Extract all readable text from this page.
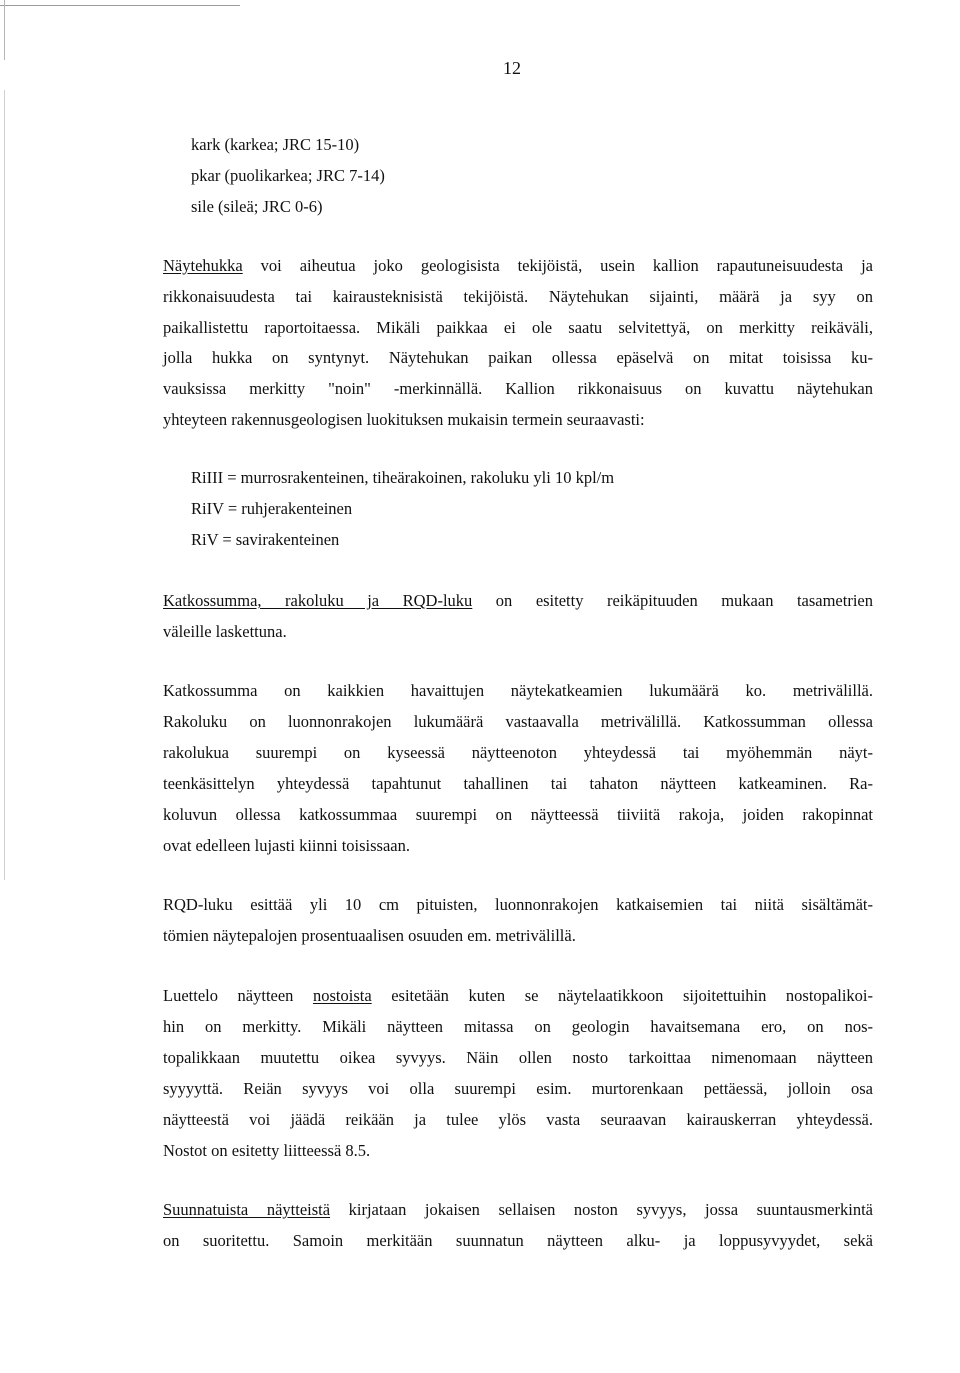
12

kark (karkea; JRC 15-10)

pkar (puolikarkea; JRC 7-14)

sile (sileä; JRC 0-6)

Näytehukka voi aiheutua joko geologisista tekijöistä, usein kallion rapautuneisuudesta ja

rikkonaisuudesta tai kairausteknisistä tekijöistä. Näytehukan sijainti, määrä ja syy on

paikallistettu raportoitaessa. Mikäli paikkaa ei ole saatu selvitettyä, on merkitty reikäväli,

jolla hukka on syntynyt. Näytehukan paikan ollessa epäselvä on mitat toisissa ku-

vauksissa merkitty "noin" -merkinnällä. Kallion rikkonaisuus on kuvattu näytehukan

yhteyteen rakennusgeologisen luokituksen mukaisin termein seuraavasti:

RiIII = murrosrakenteinen, tiheärakoinen, rakoluku yli 10 kpl/m

RiIV = ruhjerakenteinen

RiV = savirakenteinen

Katkossumma, rakoluku ja RQD-luku on esitetty reikäpituuden mukaan tasametrien

väleille laskettuna.

Katkossumma on kaikkien havaittujen näytekatkeamien lukumäärä ko. metrivälillä.

Rakoluku on luonnonrakojen lukumäärä vastaavalla metrivälillä. Katkossumman ollessa

rakolukua suurempi on kyseessä näytteenoton yhteydessä tai myöhemmän näyt-

teenkäsittelyn yhteydessä tapahtunut tahallinen tai tahaton näytteen katkeaminen. Ra-

koluvun ollessa katkossummaa suurempi on näytteessä tiiviitä rakoja, joiden rakopinnat

ovat edelleen lujasti kiinni toisissaan.

RQD-luku esittää yli 10 cm pituisten, luonnonrakojen katkaisemien tai niitä sisältämät-

tömien näytepalojen prosentuaalisen osuuden em. metrivälillä.

Luettelo näytteen nostoista esitetään kuten se näytelaatikkoon sijoitettuihin nostopalikoi-

hin on merkitty. Mikäli näytteen mitassa on geologin havaitsemana ero, on nos-

topalikkaan muutettu oikea syvyys. Näin ollen nosto tarkoittaa nimenomaan näytteen

syyyyttä. Reiän syvyys voi olla suurempi esim. murtorenkaan pettäessä, jolloin osa

näytteestä voi jäädä reikään ja tulee ylös vasta seuraavan kairauskerran yhteydessä.

Nostot on esitetty liitteessä 8.5.

Suunnatuista näytteistä kirjataan jokaisen sellaisen noston syvyys, jossa suuntausmerkintä

on suoritettu. Samoin merkitään suunnatun näytteen alku- ja loppusyvyydet, sekä
